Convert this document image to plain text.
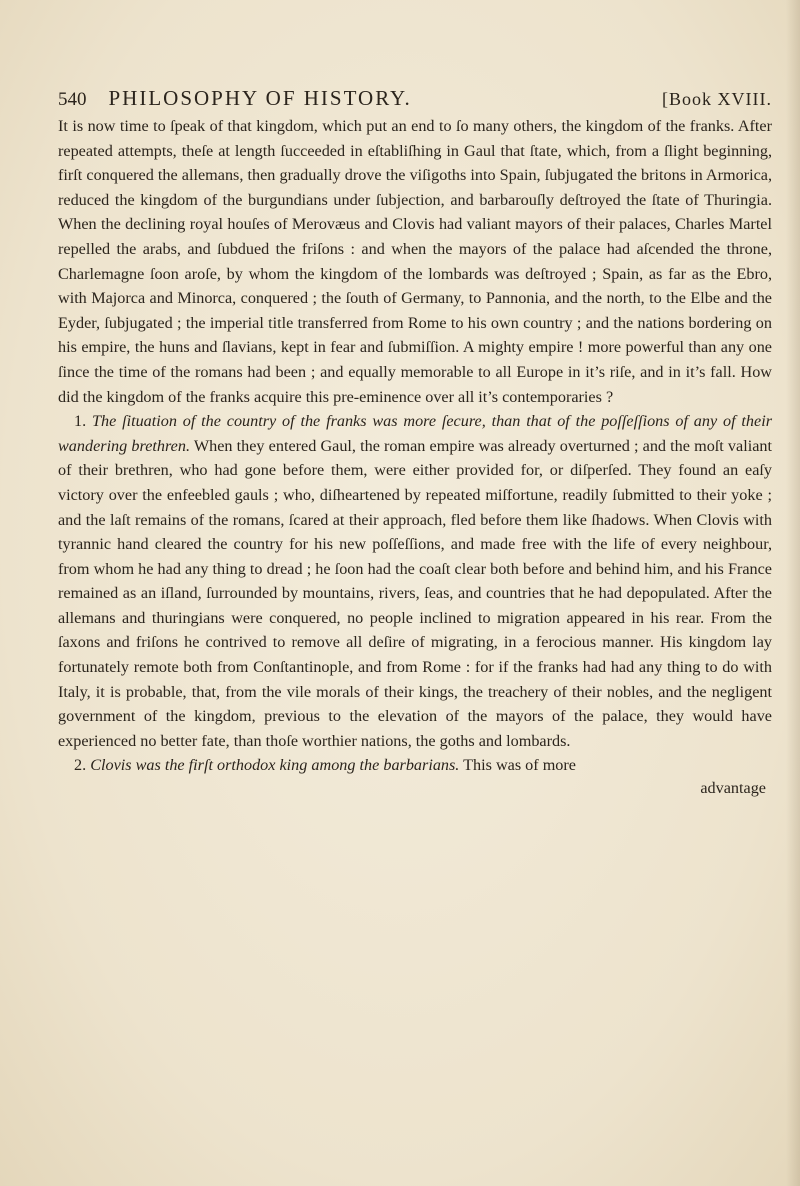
540 PHILOSOPHY OF HISTORY.	[Book XVIII.

It is now time to ſpeak of that kingdom, which put an end to ſo many others, the kingdom of the franks. After repeated attempts, theſe at length ſucceeded in eſtabliſhing in Gaul that ſtate, which, from a ſlight beginning, firſt conquered the allemans, then gradually drove the viſigoths into Spain, ſubjugated the britons in Armorica, reduced the kingdom of the burgundians under ſubjection, and barbarouſly deſtroyed the ſtate of Thuringia. When the declining royal houſes of Merovæus and Clovis had valiant mayors of their palaces, Charles Martel repelled the arabs, and ſubdued the friſons : and when the mayors of the palace had aſcended the throne, Charlemagne ſoon aroſe, by whom the kingdom of the lombards was deſtroyed ; Spain, as far as the Ebro, with Majorca and Minorca, conquered ; the ſouth of Germany, to Pannonia, and the north, to the Elbe and the Eyder, ſubjugated ; the imperial title transferred from Rome to his own country ; and the nations bordering on his empire, the huns and ſlavians, kept in fear and ſubmiſſion. A mighty empire ! more powerful than any one ſince the time of the romans had been ; and equally memorable to all Europe in it’s riſe, and in it’s fall. How did the kingdom of the franks acquire this pre-eminence over all it’s contemporaries ?

1. The ſituation of the country of the franks was more ſecure, than that of the poſſeſſions of any of their wandering brethren. When they entered Gaul, the roman empire was already overturned ; and the moſt valiant of their brethren, who had gone before them, were either provided for, or diſperſed. They found an eaſy victory over the enfeebled gauls ; who, diſheartened by repeated miſfortune, readily ſubmitted to their yoke ; and the laſt remains of the romans, ſcared at their approach, fled before them like ſhadows. When Clovis with tyrannic hand cleared the country for his new poſſeſſions, and made free with the life of every neighbour, from whom he had any thing to dread ; he ſoon had the coaſt clear both before and behind him, and his France remained as an iſland, ſurrounded by mountains, rivers, ſeas, and countries that he had depopulated. After the allemans and thuringians were conquered, no people inclined to migration appeared in his rear. From the ſaxons and friſons he contrived to remove all deſire of migrating, in a ferocious manner. His kingdom lay fortunately remote both from Conſtantinople, and from Rome : for if the franks had had any thing to do with Italy, it is probable, that, from the vile morals of their kings, the treachery of their nobles, and the negligent government of the kingdom, previous to the elevation of the mayors of the palace, they would have experienced no better fate, than thoſe worthier nations, the goths and lombards.

2. Clovis was the firſt orthodox king among the barbarians. This was of more

advantage
